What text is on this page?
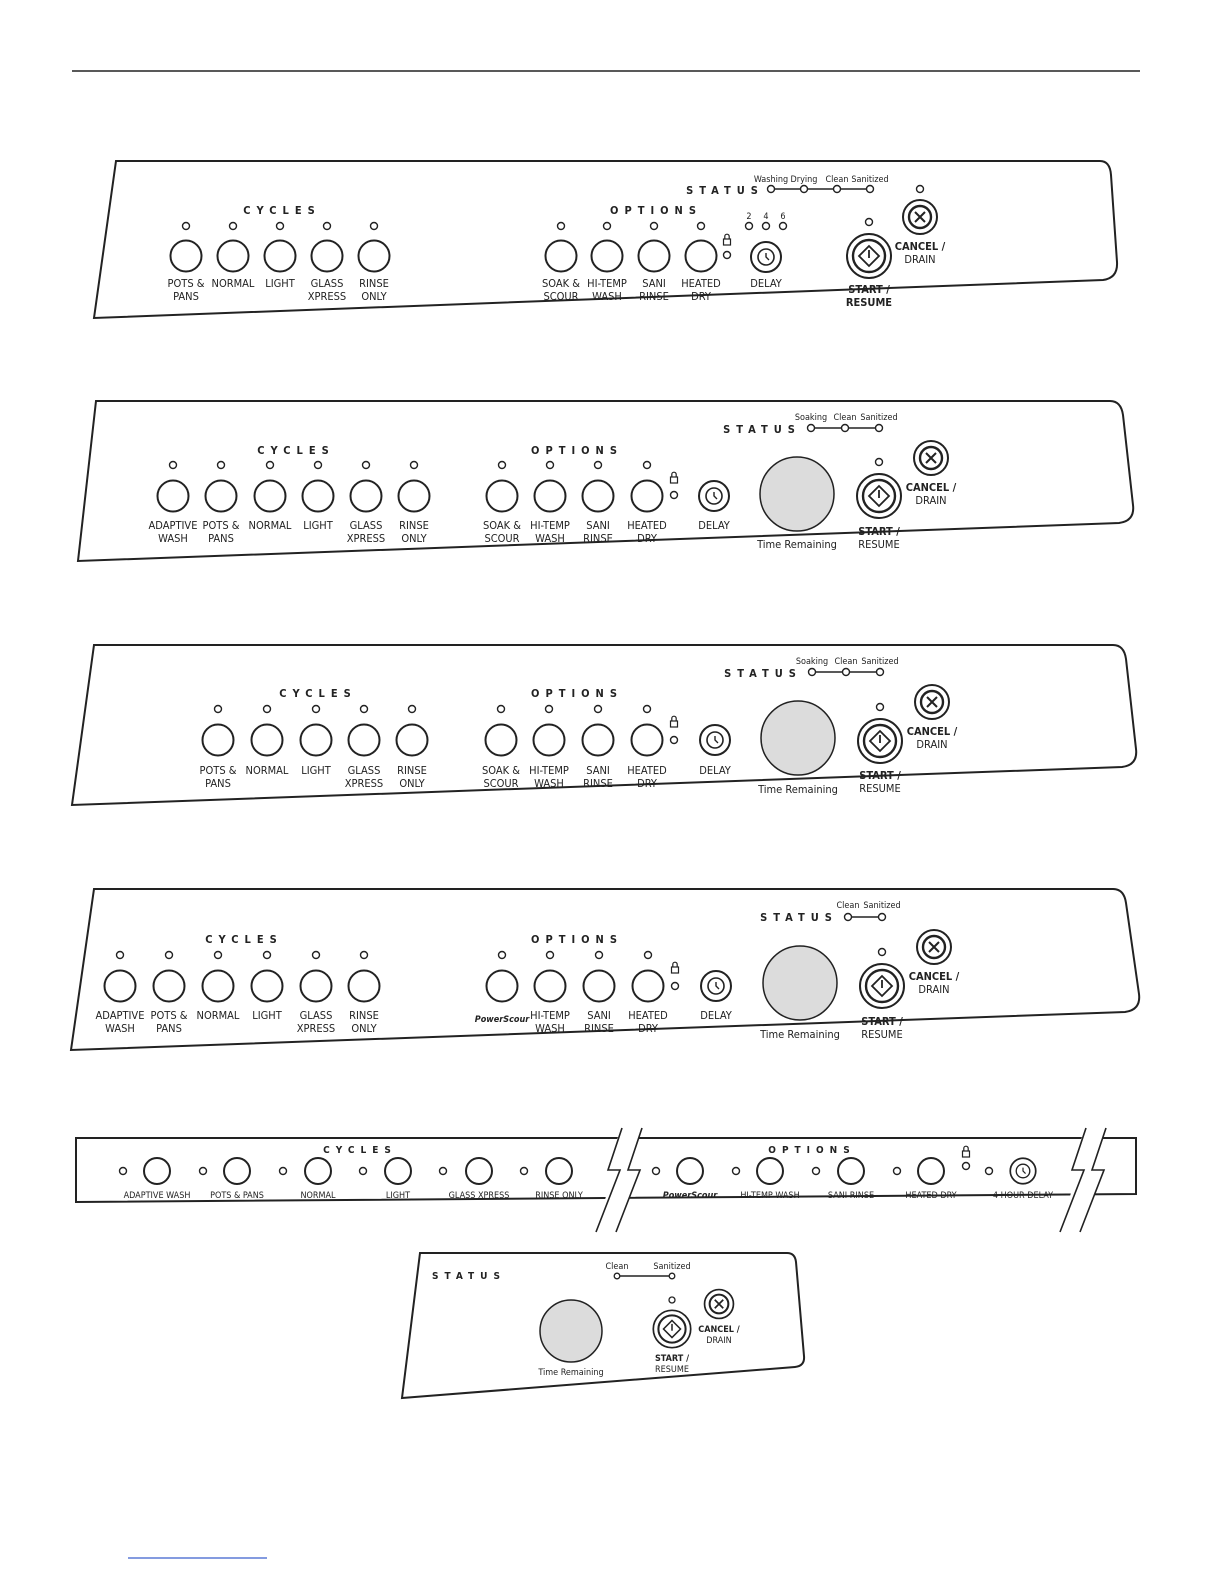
CYCLES	OPTIONS
POTS & PANS
NORMAL LIGHT GLASS XPRESS
RINSE ONLY
SOAK & SCOUR
HI-TEMP WASH
SANI RINSE
HEATED DRY
2 4 6
DELAY
STATUS
Washing Drying Clean Sanitized
START / RESUME
CANCEL / DRAIN
CYCLES	OPTIONS
ADAPTIVE WASH
POTS & PANS
NORMAL LIGHT GLASS XPRESS
RINSE ONLY
SOAK & SCOUR
HI-TEMP WASH
SANI RINSE
HEATED DRY
DELAY
Time Remaining
STATUS
Soaking Clean Sanitized
START / RESUME
CANCEL / DRAIN
CYCLES	OPTIONS
POTS & PANS
NORMAL LIGHT GLASS XPRESS
RINSE ONLY
SOAK & SCOUR
HI-TEMP WASH
SANI RINSE
HEATED DRY
DELAY
Time Remaining
STATUS
Soaking Clean Sanitized
START / RESUME
CANCEL / DRAIN
CYCLES	OPTIONS
ADAPTIVE WASH
POTS & PANS
NORMAL LIGHT GLASS XPRESS
RINSE ONLY
PowerScour HI-TEMP WASH
SANI RINSE
HEATED DRY
DELAY
Time Remaining
STATUS
Clean Sanitized
START / RESUME
CANCEL / DRAIN
CYCLES	OPTIONS
ADAPTIVE WASH POTS & PANS	NORMAL	LIGHT	GLASS XPRESS	RINSE ONLY	PowerScour	HI-TEMP WASH	SANI RINSE	HEATED DRY	4 HOUR DELAY
STATUS
Clean	Sanitized
Time Remaining
START / RESUME
CANCEL / DRAIN
